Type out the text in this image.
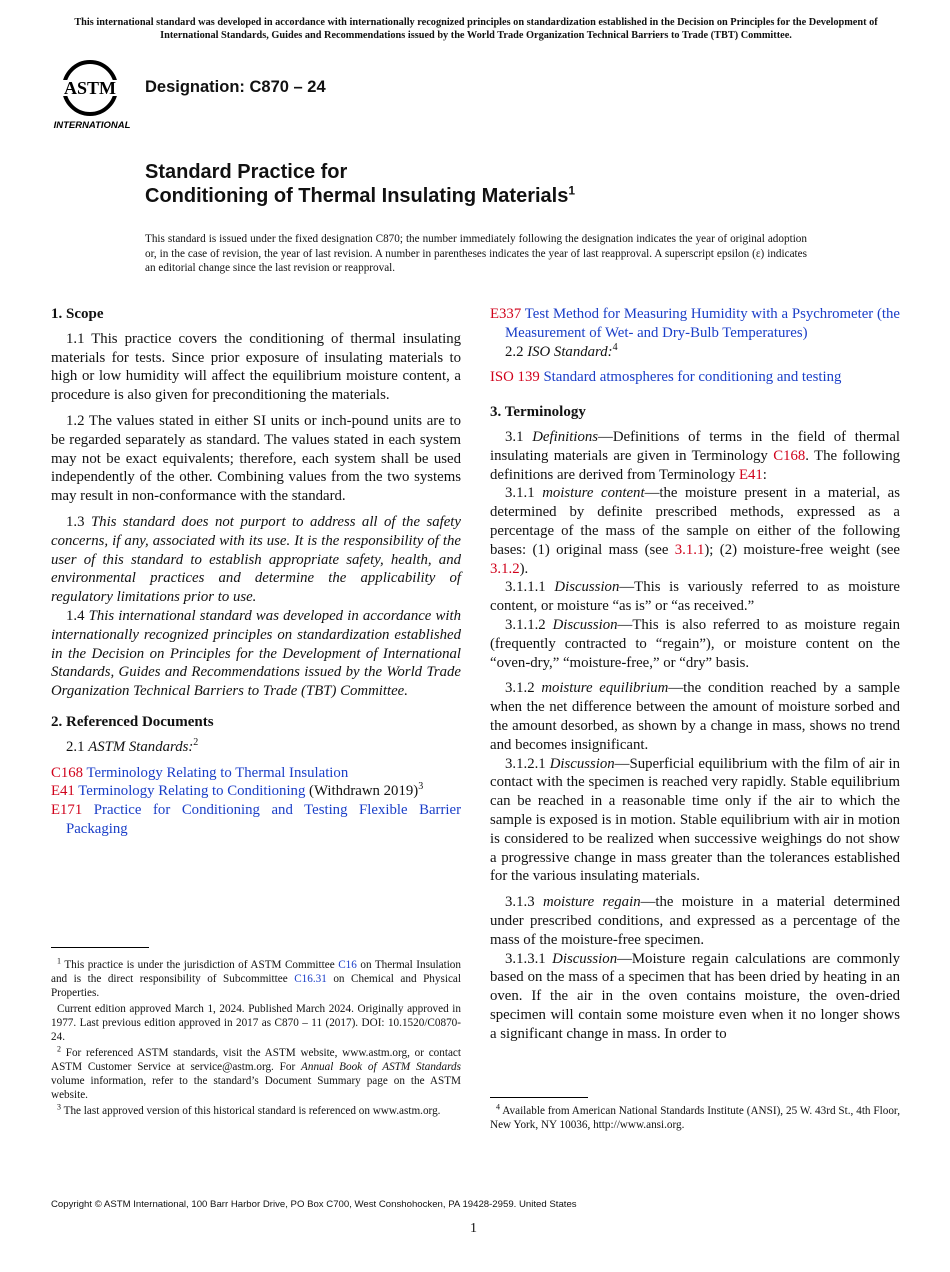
This international standard was developed in accordance with internationally recognized principles on standardization established in the Decision on Principles for the Development of International Standards, Guides and Recommendations issued by the World Trade Organization Technical Barriers to Trade (TBT) Committee.
ASTM
INTERNATIONAL
Designation: C870 – 24
Standard Practice for
Conditioning of Thermal Insulating Materials$^1$
This standard is issued under the fixed designation C870; the number immediately following the designation indicates the year of original adoption or, in the case of revision, the year of last revision. A number in parentheses indicates the year of last reapproval. A superscript epsilon (ε) indicates an editorial change since the last revision or reapproval.
1. Scope

1.1 This practice covers the conditioning of thermal insulating materials for tests. Since prior exposure of insulating materials to high or low humidity will affect the equilibrium moisture content, a procedure is also given for preconditioning the materials.

1.2 The values stated in either SI units or inch-pound units are to be regarded separately as standard. The values stated in each system may not be exact equivalents; therefore, each system shall be used independently of the other. Combining values from the two systems may result in non-conformance with the standard.

1.3 This standard does not purport to address all of the safety concerns, if any, associated with its use. It is the responsibility of the user of this standard to establish appropriate safety, health, and environmental practices and determine the applicability of regulatory limitations prior to use.

1.4 This international standard was developed in accordance with internationally recognized principles on standardization established in the Decision on Principles for the Development of International Standards, Guides and Recommendations issued by the World Trade Organization Technical Barriers to Trade (TBT) Committee.

2. Referenced Documents

2.1 ASTM Standards:$^2$

C168 Terminology Relating to Thermal Insulation
E41 Terminology Relating to Conditioning (Withdrawn 2019)$^3$
E171 Practice for Conditioning and Testing Flexible Barrier Packaging

$^1$ This practice is under the jurisdiction of ASTM Committee C16 on Thermal Insulation and is the direct responsibility of Subcommittee C16.31 on Chemical and Physical Properties.

Current edition approved March 1, 2024. Published March 2024. Originally approved in 1977. Last previous edition approved in 2017 as C870 – 11 (2017). DOI: 10.1520/C0870-24.

$^2$ For referenced ASTM standards, visit the ASTM website, www.astm.org, or contact ASTM Customer Service at service@astm.org. For Annual Book of ASTM Standards volume information, refer to the standard’s Document Summary page on the ASTM website.

$^3$ The last approved version of this historical standard is referenced on www.astm.org.

E337 Test Method for Measuring Humidity with a Psychrometer (the Measurement of Wet- and Dry-Bulb Temperatures)

2.2 ISO Standard:$^4$

ISO 139 Standard atmospheres for conditioning and testing
3. Terminology

3.1 Definitions—Definitions of terms in the field of thermal insulating materials are given in Terminology C168. The following definitions are derived from Terminology E41:

3.1.1 moisture content—the moisture present in a material, as determined by definite prescribed methods, expressed as a percentage of the mass of the sample on either of the following bases: (1) original mass (see 3.1.1); (2) moisture-free weight (see 3.1.2).

3.1.1.1 Discussion—This is variously referred to as moisture content, or moisture “as is” or “as received.”

3.1.1.2 Discussion—This is also referred to as moisture regain (frequently contracted to “regain”), or moisture content on the “oven-dry,” “moisture-free,” or “dry” basis.

3.1.2 moisture equilibrium—the condition reached by a sample when the net difference between the amount of moisture sorbed and the amount desorbed, as shown by a change in mass, shows no trend and becomes insignificant.

3.1.2.1 Discussion—Superficial equilibrium with the film of air in contact with the specimen is reached very rapidly. Stable equilibrium can be reached in a reasonable time only if the air to which the sample is exposed is in motion. Stable equilibrium with air in motion is considered to be realized when successive weighings do not show a progressive change in mass greater than the tolerances established for the various insulating materials.

3.1.3 moisture regain—the moisture in a material determined under prescribed conditions, and expressed as a percentage of the mass of the moisture-free specimen.

3.1.3.1 Discussion—Moisture regain calculations are commonly based on the mass of a specimen that has been dried by heating in an oven. If the air in the oven contains moisture, the oven-dried specimen will contain some moisture even when it no longer shows a significant change in mass. In order to

$^4$ Available from American National Standards Institute (ANSI), 25 W. 43rd St., 4th Floor, New York, NY 10036, http://www.ansi.org.

Copyright © ASTM International, 100 Barr Harbor Drive, PO Box C700, West Conshohocken, PA 19428-2959. United States
1
